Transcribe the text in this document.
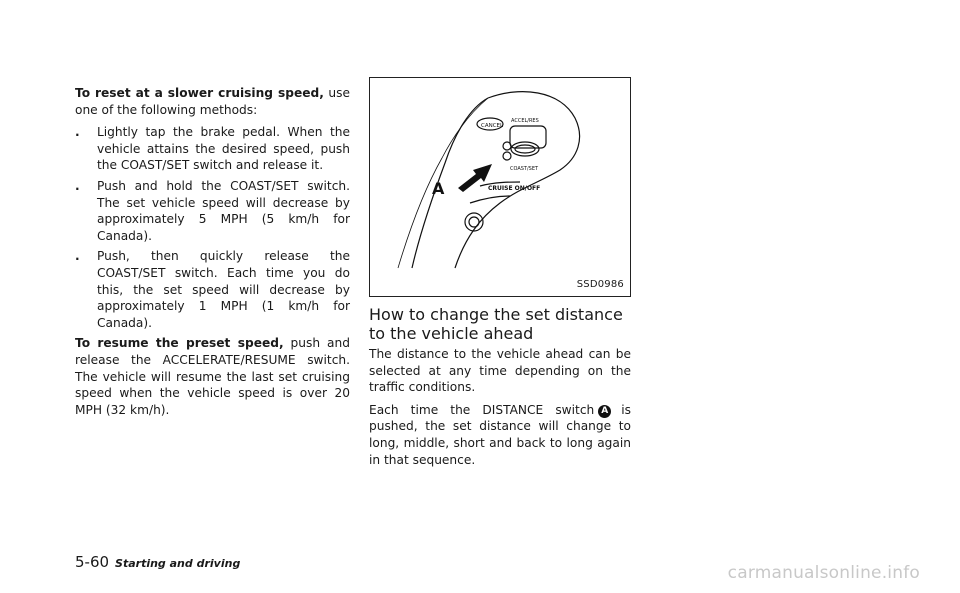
To reset at a slower cruising speed, use one of the following methods:

. Lightly tap the brake pedal. When the vehicle attains the desired speed, push the COAST/SET switch and release it.
. Push and hold the COAST/SET switch. The set vehicle speed will decrease by approximately 5 MPH (5 km/h for Canada).
. Push, then quickly release the COAST/SET switch. Each time you do this, the set speed will decrease by approximately 1 MPH (1 km/h for Canada).

To resume the preset speed, push and release the ACCELERATE/RESUME switch. The vehicle will resume the last set cruising speed when the vehicle speed is over 20 MPH (32 km/h).

CANCEL
ACCEL/RES
COAST/SET
CRUISE ON/OFF
A
SSD0986
How to change the set distance to the vehicle ahead

The distance to the vehicle ahead can be selected at any time depending on the traffic conditions.

Each time the DISTANCE switch A is pushed, the set distance will change to long, middle, short and back to long again in that sequence.

5-60 Starting and driving	carmanualsonline.info
